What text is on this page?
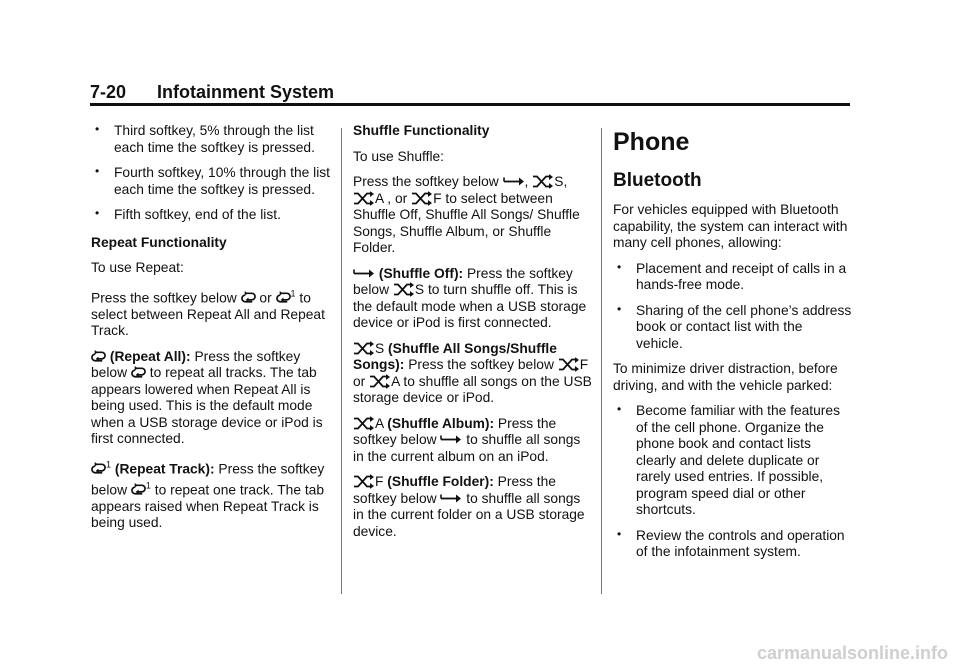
7-20 Infotainment System
• Third softkey, 5% through the list each time the softkey is pressed.
• Fourth softkey, 10% through the list each time the softkey is pressed.
• Fifth softkey, end of the list.
Repeat Functionality

To use Repeat:

Press the softkey below or $^1$ to select between Repeat All and Repeat Track.

(Repeat All): Press the softkey below to repeat all tracks. The tab appears lowered when Repeat All is being used. This is the default mode when a USB storage device or iPod is first connected.

$^1$ (Repeat Track): Press the softkey below $^1$ to repeat one track. The tab appears raised when Repeat Track is being used.

Shuffle Functionality

To use Shuffle:

Press the softkey below , S,
A , or F to select between Shuffle Off, Shuffle All Songs/ Shuffle Songs, Shuffle Album, or Shuffle Folder.

(Shuffle Off): Press the softkey below S to turn shuffle off. This is the default mode when a USB storage device or iPod is first connected.

S (Shuffle All Songs/Shuffle Songs): Press the softkey below F or A to shuffle all songs on the USB storage device or iPod.

A (Shuffle Album): Press the softkey below to shuffle all songs in the current album on an iPod.

F (Shuffle Folder): Press the softkey below to shuffle all songs in the current folder on a USB storage device.

Phone
Bluetooth

For vehicles equipped with Bluetooth capability, the system can interact with many cell phones, allowing:

• Placement and receipt of calls in a hands-free mode.
• Sharing of the cell phone’s address book or contact list with the vehicle.

To minimize driver distraction, before driving, and with the vehicle parked:

• Become familiar with the features of the cell phone. Organize the phone book and contact lists clearly and delete duplicate or rarely used entries. If possible, program speed dial or other shortcuts.
• Review the controls and operation of the infotainment system.
carmanualsonline.info
